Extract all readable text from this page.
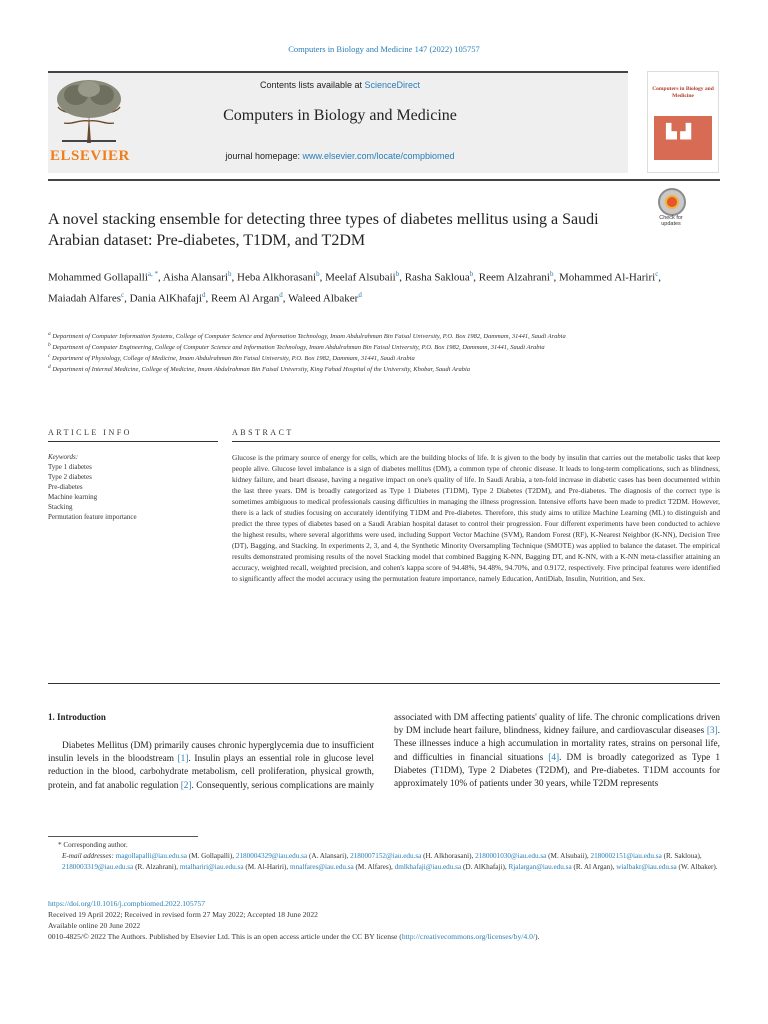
Computers in Biology and Medicine 147 (2022) 105757
ELSEVIER
Contents lists available at ScienceDirect
Computers in Biology and Medicine
journal homepage: www.elsevier.com/locate/compbiomed
Computers in Biology and Medicine
▙ ▟
A novel stacking ensemble for detecting three types of diabetes mellitus using a Saudi Arabian dataset: Pre-diabetes, T1DM, and T2DM
Check for updates
Mohammed Gollapalli$^{a, *}$, Aisha Alansari$^b$, Heba Alkhorasani$^b$, Meelaf Alsubaii$^b$, Rasha Sakloua$^b$, Reem Alzahrani$^b$, Mohammed Al-Hariri$^c$, Maiadah Alfares$^c$, Dania AlKhafaji$^d$, Reem Al Argan$^d$, Waleed Albaker$^d$

$^a$ Department of Computer Information Systems, College of Computer Science and Information Technology, Imam Abdulrahman Bin Faisal University, P.O. Box 1982, Dammam, 31441, Saudi Arabia

$^b$ Department of Computer Engineering, College of Computer Science and Information Technology, Imam Abdulrahman Bin Faisal University, P.O. Box 1982, Dammam, 31441, Saudi Arabia

$^c$ Department of Physiology, College of Medicine, Imam Abdulrahman Bin Faisal University, P.O. Box 1982, Dammam, 31441, Saudi Arabia

$^d$ Department of Internal Medicine, College of Medicine, Imam Abdulrahman Bin Faisal University, King Fahad Hospital of the University, Khobar, Saudi Arabia

ARTICLE INFO
Keywords:
Type 1 diabetes
Type 2 diabetes
Pre-diabetes
Machine learning
Stacking
Permutation feature importance
ABSTRACT
Glucose is the primary source of energy for cells, which are the building blocks of life. It is given to the body by insulin that carries out the metabolic tasks that keep people alive. Glucose level imbalance is a sign of diabetes mellitus (DM), a common type of chronic disease. It leads to long-term complications, such as blindness, kidney failure, and heart disease, having a negative impact on one's quality of life. In Saudi Arabia, a ten-fold increase in diabetic cases has been documented within the last three years. DM is broadly categorized as Type 1 Diabetes (T1DM), Type 2 Diabetes (T2DM), and Pre-diabetes. The diagnosis of the correct type is sometimes ambiguous to medical professionals causing difficulties in managing the illness progression. Intensive efforts have been made to predict T2DM. However, there is a lack of studies focusing on accurately identifying T1DM and Pre-diabetes. Therefore, this study aims to utilize Machine Learning (ML) to distinguish and predict the three types of diabetes based on a Saudi Arabian hospital dataset to control their progression. Four different experiments have been conducted to achieve the highest results, where several algorithms were used, including Support Vector Machine (SVM), Random Forest (RF), K-Nearest Neighbor (K-NN), Decision Tree (DT), Bagging, and Stacking. In experiments 2, 3, and 4, the Synthetic Minority Oversampling Technique (SMOTE) was applied to balance the dataset. The empirical results demonstrated promising results of the novel Stacking model that combined Bagging K-NN, Bagging DT, and K-NN, with a K-NN meta-classifier attaining an accuracy, weighted recall, weighted precision, and cohen's kappa score of 94.48%, 94.48%, 94.70%, and 0.9172, respectively. Five principal features were identified to significantly affect the model accuracy using the permutation feature importance, namely Education, AntiDiab, Insulin, Nutrition, and Sex.
1. Introduction
Diabetes Mellitus (DM) primarily causes chronic hyperglycemia due to insufficient insulin levels in the bloodstream [1]. Insulin plays an essential role in glucose level reduction in the blood, carbohydrate metabolism, cell proliferation, physical growth, protein, and fat anabolic regulation [2]. Consequently, serious complications are mainly
associated with DM affecting patients' quality of life. The chronic complications driven by DM include heart failure, blindness, kidney failure, and cardiovascular diseases [3]. These illnesses induce a high accumulation in mortality rates, strains on personal life, and difficulties in financial situations [4]. DM is broadly categorized as Type 1 Diabetes (T1DM), Type 2 Diabetes (T2DM), and Pre-diabetes. T1DM accounts for approximately 10% of patients under 30 years, while T2DM represents
* Corresponding author.
E-mail addresses: magollapalli@iau.edu.sa (M. Gollapalli), 2180004329@iau.edu.sa (A. Alansari), 2180007152@iau.edu.sa (H. Alkhorasani), 2180001030@iau.edu.sa (M. Alsubaii), 2180002151@iau.edu.sa (R. Sakloua), 2180003319@iau.edu.sa (R. Alzahrani), mtalhariri@iau.edu.sa (M. Al-Hariri), mnalfares@iau.edu.sa (M. Alfares), dmlkhafaji@iau.edu.sa (D. AlKhafaji), Rjalargan@iau.edu.sa (R. Al Argan), wialbakr@iau.edu.sa (W. Albaker).
https://doi.org/10.1016/j.compbiomed.2022.105757
Received 19 April 2022; Received in revised form 27 May 2022; Accepted 18 June 2022
Available online 20 June 2022
0010-4825/© 2022 The Authors. Published by Elsevier Ltd. This is an open access article under the CC BY license (http://creativecommons.org/licenses/by/4.0/).
